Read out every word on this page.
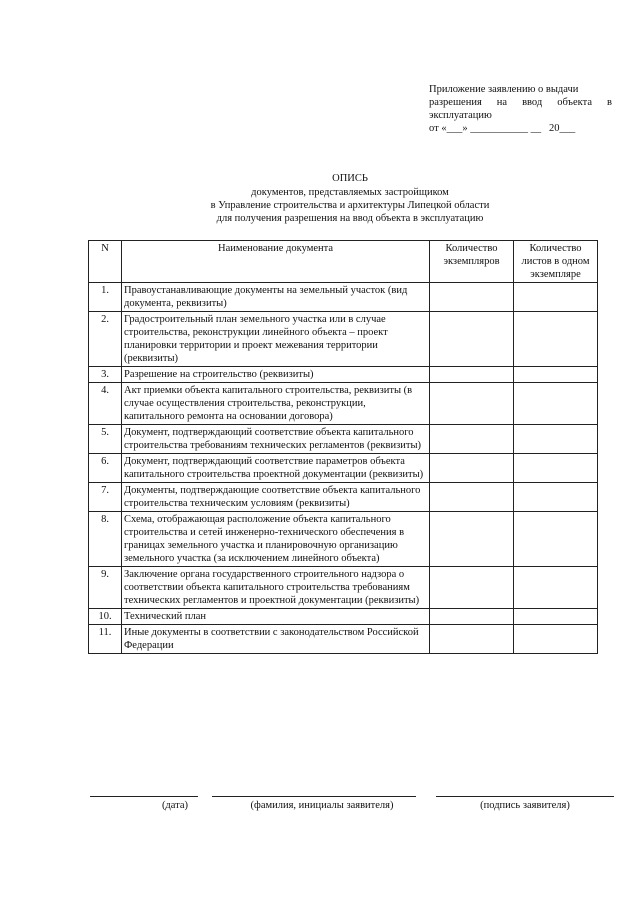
Приложение заявлению о выдачи
разрешения на ввод объекта в
эксплуатацию
от «___» ___________ __   20___
ОПИСЬ
документов, представляемых застройщиком
в Управление строительства и архитектуры Липецкой области
для получения разрешения на ввод объекта в эксплуатацию
N	Наименование документа	Количество экземпляров	Количество листов в одном экземпляре
1.	Правоустанавливающие документы на земельный участок (вид документа, реквизиты)		
2.	Градостроительный план земельного участка или в случае строительства, реконструкции линейного объекта – проект планировки территории и проект межевания территории (реквизиты)		
3.	Разрешение на строительство (реквизиты)		
4.	Акт приемки объекта капитального строительства, реквизиты (в случае осуществления строительства, реконструкции, капитального ремонта на основании договора)		
5.	Документ, подтверждающий соответствие объекта капитального строительства требованиям технических регламентов (реквизиты)		
6.	Документ, подтверждающий соответствие параметров объекта капитального строительства проектной документации (реквизиты)		
7.	Документы, подтверждающие соответствие объекта капитального строительства техническим условиям (реквизиты)		
8.	Схема, отображающая расположение объекта капитального строительства и сетей инженерно-технического обеспечения в границах земельного участка и планировочную организацию земельного участка (за исключением линейного объекта)		
9.	Заключение органа государственного строительного надзора о соответствии объекта капитального строительства требованиям технических регламентов и проектной документации (реквизиты)		
10.	Технический план		
11.	Иные документы в соответствии с законодательством Российской Федерации		
(дата)	(фамилия, инициалы заявителя)	(подпись заявителя)
